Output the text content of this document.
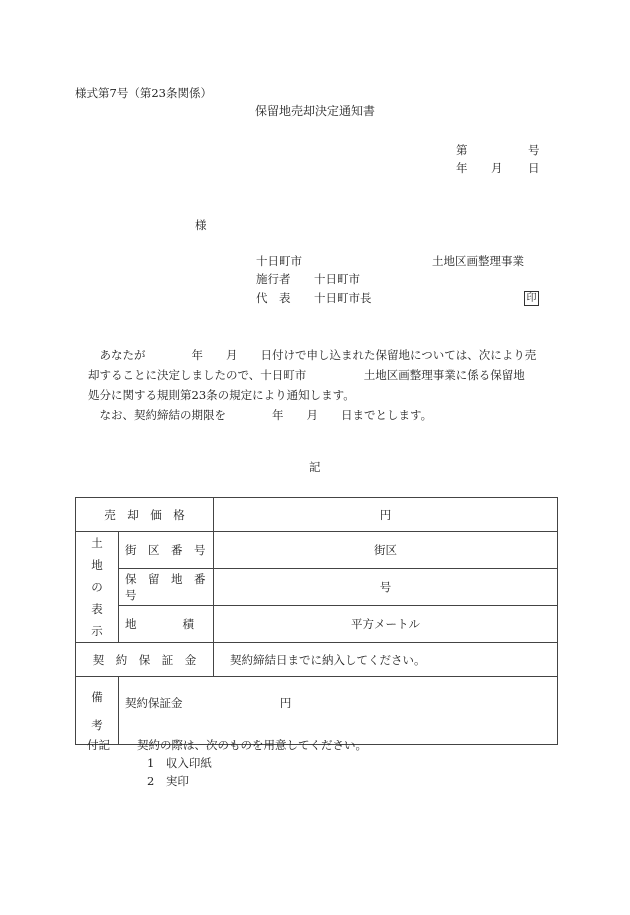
様式第7号（第23条関係）
保留地売却決定通知書
第	号
年 月 日
様
十日町市	土地区画整理事業
施行者 十日町市
代　表 十日町市長	印
　あなたが　　　　年　　月　　日付けで申し込まれた保留地については、次により売
却することに決定しましたので、十日町市　　　　　土地区画整理事業に係る保留地
処分に関する規則第23条の規定により通知します。
　なお、契約締結の期限を　　　　年　　月　　日までとします。
記
売　却　価　格		円

土
地
の
表
示	街　区　番　号	街区
	保　留　地　番　号	号
	地　　　　積	平方メートル
契　約　保　証　金		契約締結日までに納入してください。

備
考	契約保証金 円	
付記 契約の際は、次のものを用意してください。
1　収入印紙
2　実印
